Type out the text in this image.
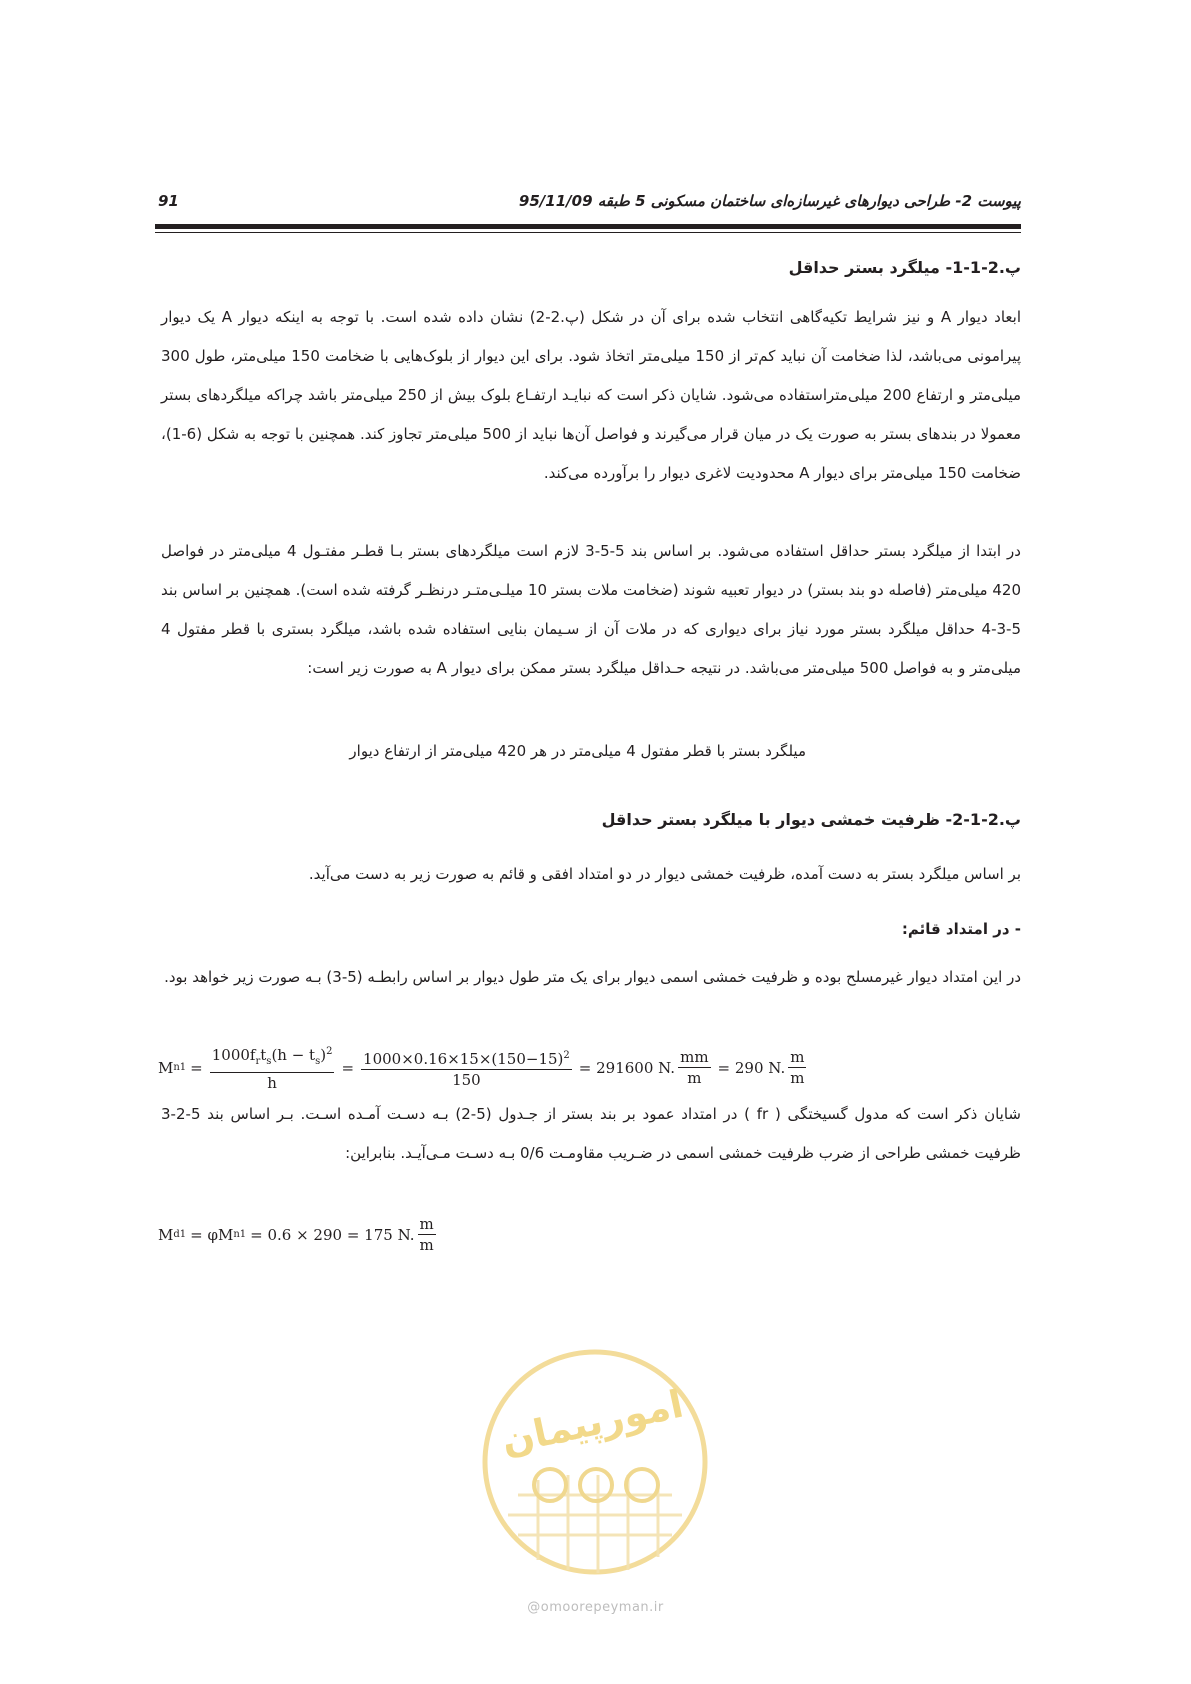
پیوست 2- طراحی دیوارهای غیرسازه‌ای ساختمان مسکونی 5 طبقه 95/11/09
91
پ.2-1-1- میلگرد بستر حداقل

ابعاد دیوار A و نیز شرایط تکیه‌گاهی انتخاب شده برای آن در شکل (پ.2-2) نشان داده شده است. با توجه به اینکه دیوار A یک دیوار پیرامونی می‌باشد، لذا ضخامت آن نباید کم‌تر از 150 میلی‌متر اتخاذ شود. برای این دیوار از بلوک‌هایی با ضخامت 150 میلی‌متر، طول 300 میلی‌متر و ارتفاع 200 میلی‌متراستفاده می‌شود. شایان ذکر است که نبایـد ارتفـاع بلوک بیش از 250 میلی‌متر باشد چراکه میلگردهای بستر معمولا در بندهای بستر به صورت یک در میان قرار می‌گیرند و فواصل آن‌ها نباید از 500 میلی‌متر تجاوز کند. همچنین با توجه به شکل (6-1)، ضخامت 150 میلی‌متر برای دیوار A محدودیت لاغری دیوار را برآورده می‌کند.

در ابتدا از میلگرد بستر حداقل استفاده می‌شود. بر اساس بند 5-5-3 لازم است میلگردهای بستر بـا قطـر مفتـول 4 میلی‌متر در فواصل 420 میلی‌متر (فاصله دو بند بستر) در دیوار تعبیه شوند (ضخامت ملات بستر 10 میلـی‌متـر درنظـر گرفته شده است). همچنین بر اساس بند 5-3-4 حداقل میلگرد بستر مورد نیاز برای دیواری که در ملات آن از سـیمان بنایی استفاده شده باشد، میلگرد بستری با قطر مفتول 4 میلی‌متر و به فواصل 500 میلی‌متر می‌باشد. در نتیجه حـداقل میلگرد بستر ممکن برای دیوار A به صورت زیر است:

میلگرد بستر با قطر مفتول 4 میلی‌متر در هر 420 میلی‌متر از ارتفاع دیوار
پ.2-1-2- ظرفیت خمشی دیوار با میلگرد بستر حداقل
بر اساس میلگرد بستر به دست آمده، ظرفیت خمشی دیوار در دو امتداد افقی و قائم به صورت زیر به دست می‌آید.
- در امتداد قائم:

در این امتداد دیوار غیرمسلح بوده و ظرفیت خمشی اسمی دیوار برای یک متر طول دیوار بر اساس رابطـه (5-3) بـه صورت زیر خواهد بود.

M $n1 = \frac{1000f_rt_s(h - t_s)^2}{h} = \frac{1000\times 0.16\times 15\times(150-15)^2}{150} = 291600$ N. $\frac{mm}{m} = 290$ N. $\frac{m}{m}$

شایان ذکر است که مدول گسیختگی ( fr ) در امتداد عمود بر بند بستر از جـدول (5-2) بـه دسـت آمـده اسـت. بـر اساس بند 5-2-3 ظرفیت خمشی طراحی از ضرب ظرفیت خمشی اسمی در ضـریب مقاومـت 0/6 بـه دسـت مـی‌آیـد. بنابراین:

M d1 = φM n1 = 0.6 × 290 = 175 N. $\frac{m}{m}$
امورپیمان
@omoorepeyman.ir
